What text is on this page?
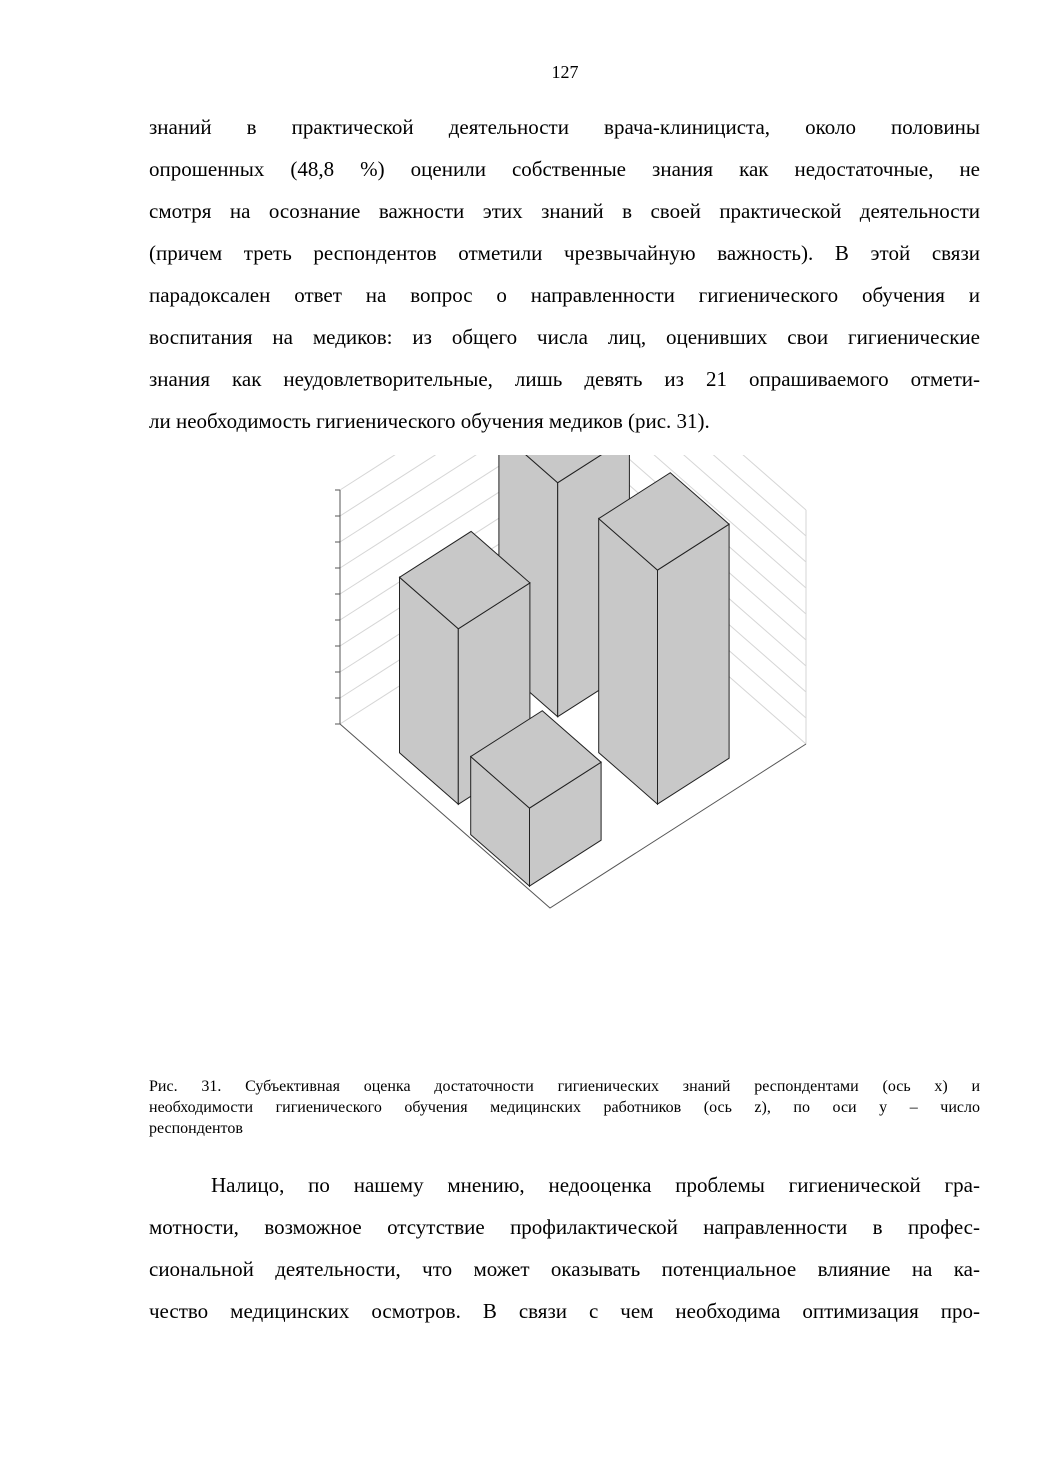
127
знаний в практической деятельности врача-клинициста, около половины
опрошенных (48,8 %) оценили собственные знания как недостаточные, не
смотря на осознание важности этих знаний в своей практической деятельности
(причем треть респондентов отметили чрезвычайную важность). В этой связи
парадоксален ответ на вопрос о направленности гигиенического обучения и
воспитания на медиков: из общего числа лиц, оценивших свои гигиенические
знания как неудовлетворительные, лишь девять из 21 опрашиваемого отмети-
ли необходимость гигиенического обучения медиков (рис. 31).
Рис. 31. Субъективная оценка достаточности гигиенических знаний респондентами (ось х) и
необходимости гигиенического обучения медицинских работников (ось z), по оси у – число
респондентов
Налицо, по нашему мнению, недооценка проблемы гигиенической гра-
мотности, возможное отсутствие профилактической направленности в профес-
сиональной деятельности, что может оказывать потенциальное влияние на ка-
чество медицинских осмотров. В связи с чем необходима оптимизация про-
